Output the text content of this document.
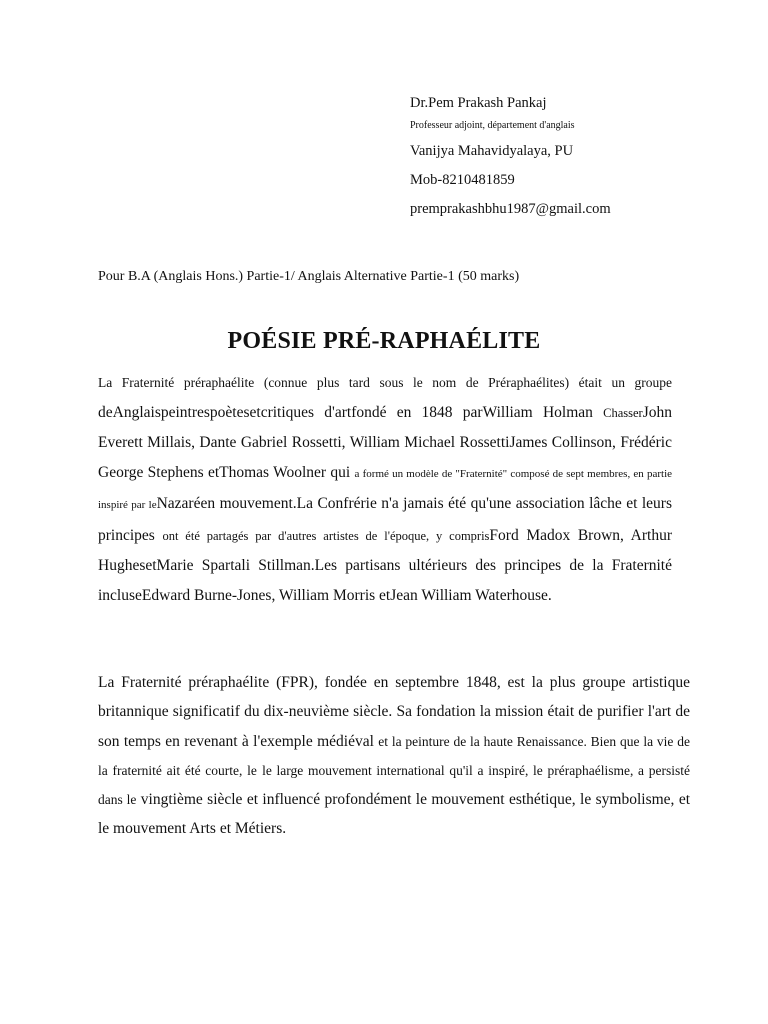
Dr.Pem Prakash Pankaj
Professeur adjoint, département d'anglais
Vanijya Mahavidyalaya, PU
Mob-8210481859
premprakashbhu1987@gmail.com
Pour B.A (Anglais Hons.) Partie-1/ Anglais Alternative Partie-1 (50 marks)
POÉSIE PRÉ-RAPHAÉLITE
La Fraternité préraphaélite (connue plus tard sous le nom de Préraphaélites) était un groupe deAnglaispeintrespoètesetcritiques d'artfondé en 1848 parWilliam Holman ChasserJohn Everett Millais, Dante Gabriel Rossetti, William Michael RossettiJames Collinson, Frédéric George Stephens etThomas Woolner qui a formé un modèle de "Fraternité" composé de sept membres, en partie inspiré par leNazaréen mouvement.La Confrérie n'a jamais été qu'une association lâche et leurs principes ont été partagés par d'autres artistes de l'époque, y comprisFord Madox Brown, Arthur HughesetMarie Spartali Stillman.Les partisans ultérieurs des principes de la Fraternité incluseEdward Burne-Jones, William Morris etJean William Waterhouse.
La Fraternité préraphaélite (FPR), fondée en septembre 1848, est la plus groupe artistique britannique significatif du dix-neuvième siècle. Sa fondation la mission était de purifier l'art de son temps en revenant à l'exemple médiéval et la peinture de la haute Renaissance. Bien que la vie de la fraternité ait été courte, le le large mouvement international qu'il a inspiré, le préraphaélisme, a persisté dans le vingtième siècle et influencé profondément le mouvement esthétique, le symbolisme, et le mouvement Arts et Métiers.
